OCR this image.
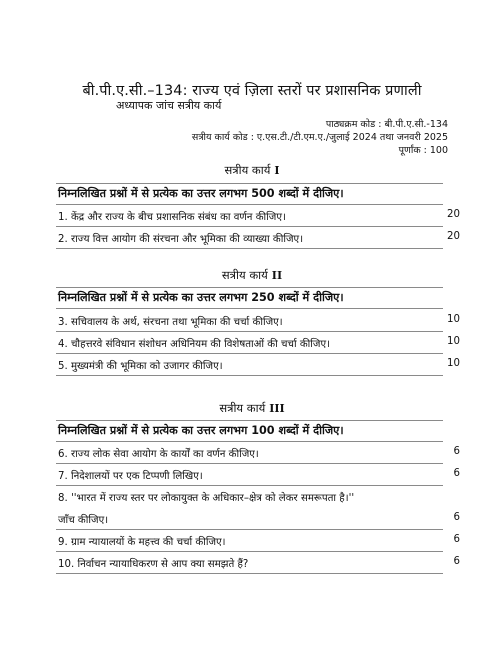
बी.पी.ए.सी.–134: राज्य एवं ज़िला स्तरों पर प्रशासनिक प्रणाली
अध्यापक जांच सत्रीय कार्य
पाठ्यक्रम कोड : बी.पी.ए.सी.-134
सत्रीय कार्य कोड : ए.एस.टी./टी.एम.ए./जुलाई 2024 तथा जनवरी 2025
पूर्णांक : 100
सत्रीय कार्य I
निम्नलिखित प्रश्नों में से प्रत्येक का उत्तर लगभग 500 शब्दों में दीजिए।
1. केंद्र और राज्य के बीच प्रशासनिक संबंध का वर्णन कीजिए।	20
2. राज्य वित्त आयोग की संरचना और भूमिका की व्याख्या कीजिए।	20
सत्रीय कार्य II
निम्नलिखित प्रश्नों में से प्रत्येक का उत्तर लगभग 250 शब्दों में दीजिए।
3. सचिवालय के अर्थ, संरचना तथा भूमिका की चर्चा कीजिए।	10
4. चौहत्तरवे संविधान संशोधन अधिनियम की विशेषताओं की चर्चा कीजिए।	10
5. मुख्यमंत्री की भूमिका को उजागर कीजिए।	10
सत्रीय कार्य III
निम्नलिखित प्रश्नों में से प्रत्येक का उत्तर लगभग 100 शब्दों में दीजिए।
6. राज्य लोक सेवा आयोग के कार्यों का वर्णन कीजिए।	6
7. निदेशालयों पर एक टिप्पणी लिखिए।	6
8. ''भारत में राज्य स्तर पर लोकायुक्त के अधिकार–क्षेत्र को लेकर समरूपता है।''
जाँच कीजिए।	6
9. ग्राम न्यायालयों के महत्त्व की चर्चा कीजिए।	6
10. निर्वाचन न्यायाधिकरण से आप क्या समझते हैं?	6
